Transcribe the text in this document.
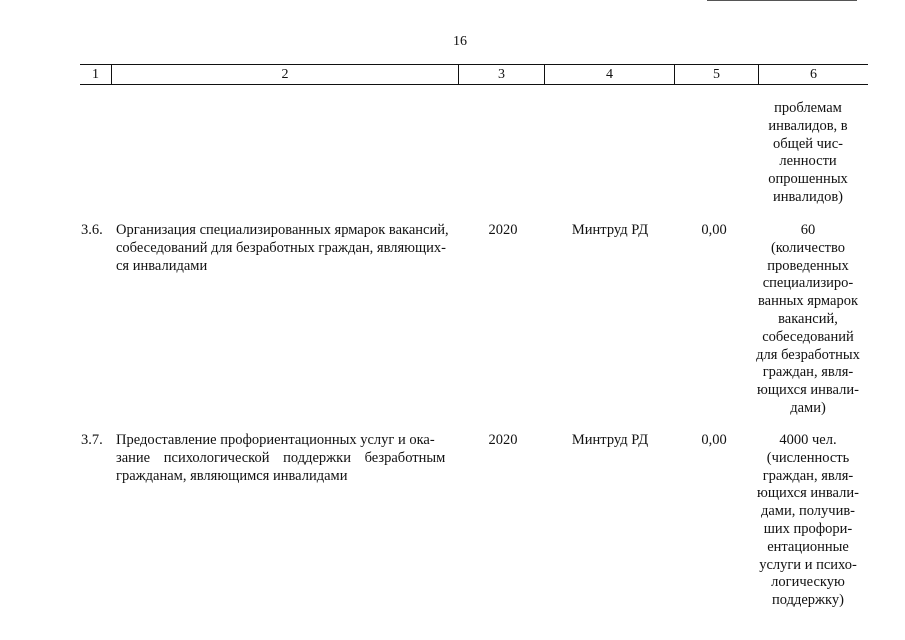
16
1	2	3	4	5	6
проблемам
инвалидов, в
общей чис-
ленности
опрошенных
инвалидов)
3.6. Организация специализированных ярмарок вакансий,
собеседований для безработных граждан, являющих-
ся инвалидами
2020	Минтруд РД	0,00	60
(количество
проведенных
специализиро-
ванных ярмарок
вакансий,
собеседований
для безработных
граждан, явля-
ющихся инвали-
дами)
3.7. Предоставление профориентационных услуг и ока-
зание психологической поддержки безработным
гражданам, являющимся инвалидами
2020	Минтруд РД	0,00	4000 чел.
(численность
граждан, явля-
ющихся инвали-
дами, получив-
ших профори-
ентационные
услуги и психо-
логическую
поддержку)
